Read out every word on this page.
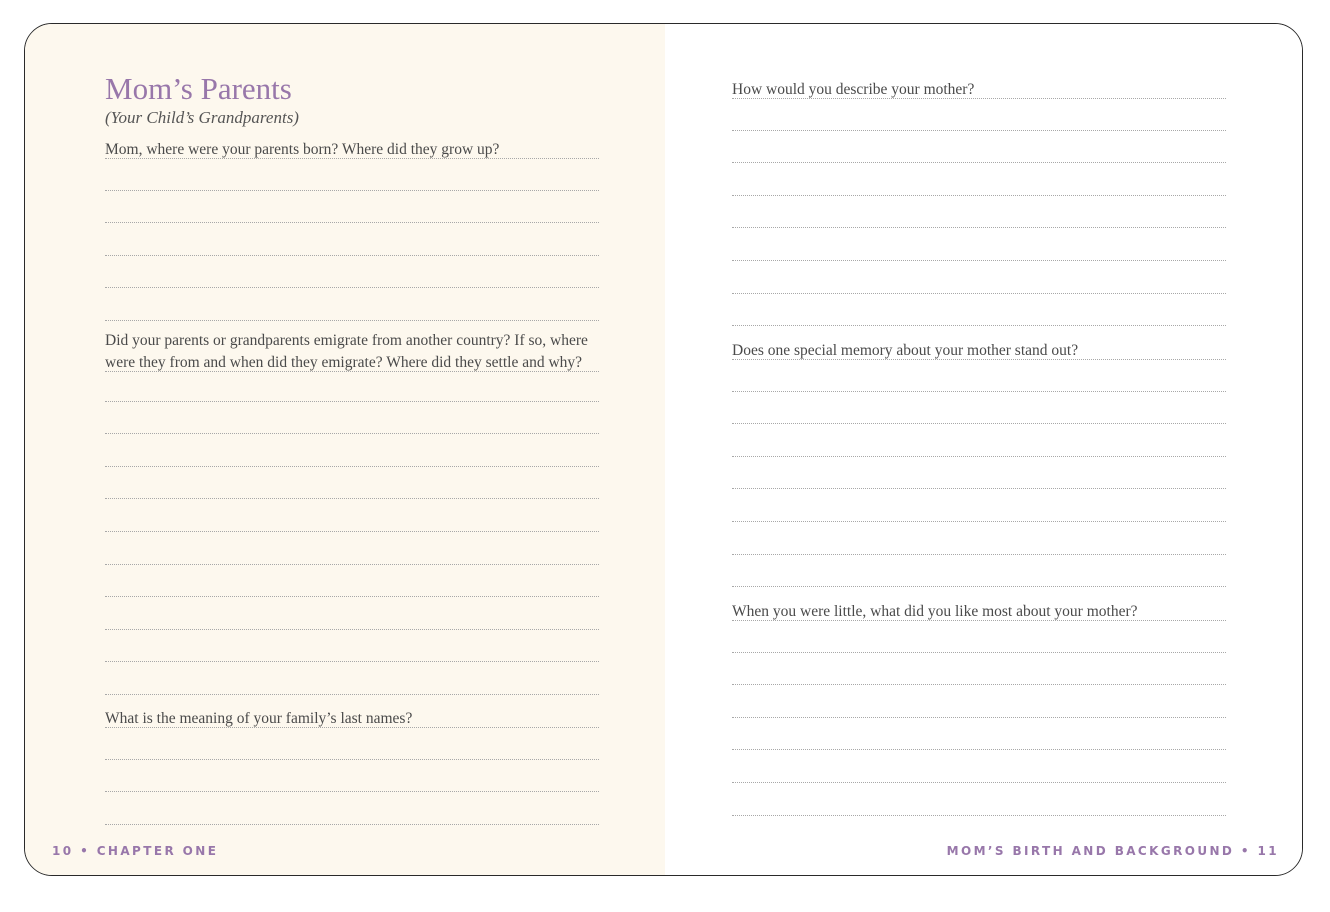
Mom’s Parents
(Your Child’s Grandparents)
Mom, where were your parents born? Where did they grow up?
Did your parents or grandparents emigrate from another country? If so, where were they from and when did they emigrate? Where did they settle and why?
What is the meaning of your family’s last names?
10 • CHAPTER ONE
How would you describe your mother?
Does one special memory about your mother stand out?
When you were little, what did you like most about your mother?
MOM’S BIRTH AND BACKGROUND • 11
